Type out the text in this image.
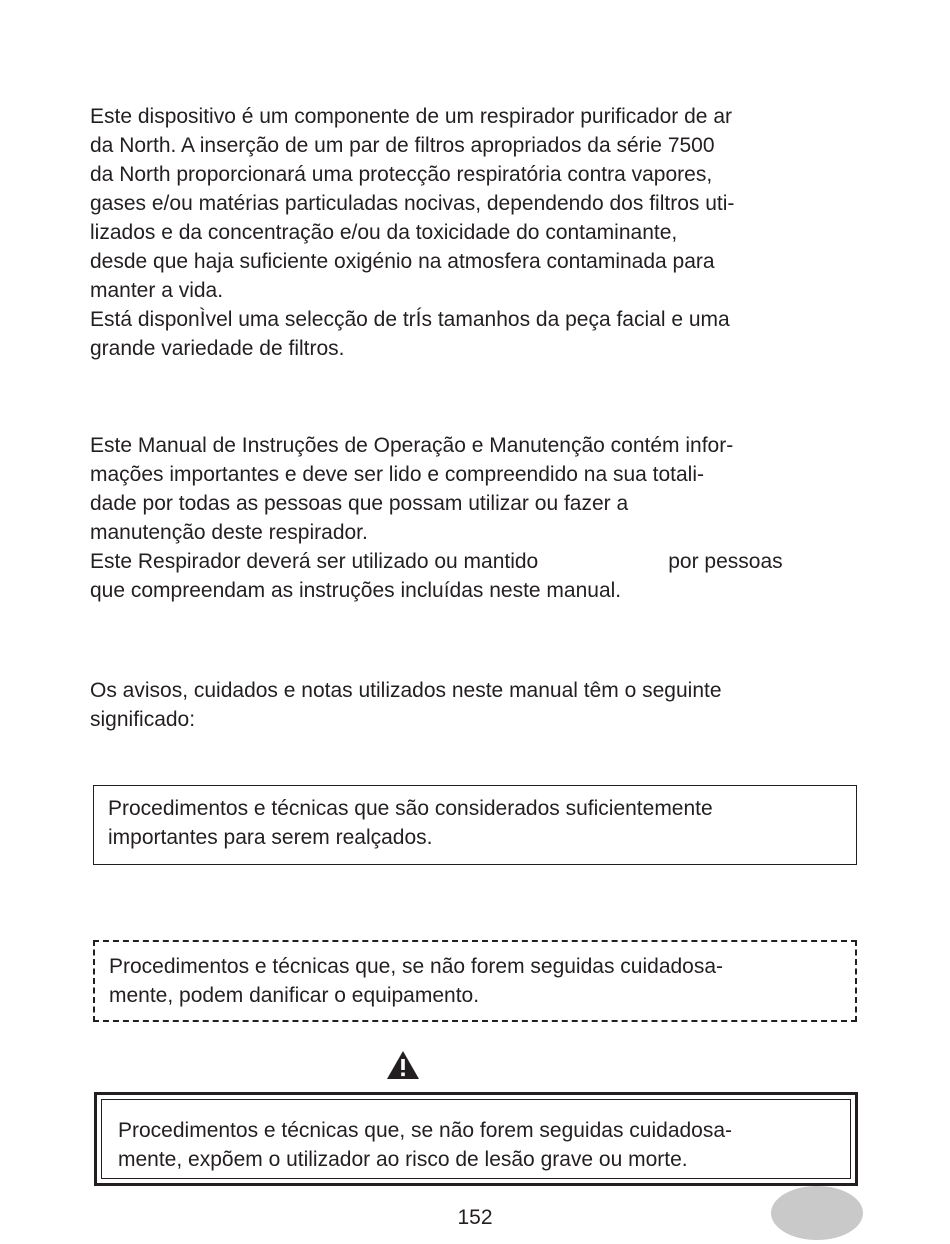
Este dispositivo é um componente de um respirador purificador de ar
da North. A inserção de um par de filtros apropriados da série 7500
da North proporcionará uma protecção respiratória contra vapores,
gases e/ou matérias particuladas nocivas, dependendo dos filtros uti-
lizados e da concentração e/ou da toxicidade do contaminante,
desde que haja suficiente oxigénio na atmosfera contaminada para
manter a vida.
Está disponÌvel uma selecção de trÍs tamanhos da peça facial e uma
grande variedade de filtros.
Este Manual de Instruções de Operação e Manutenção contém infor-
mações importantes e deve ser lido e compreendido na sua totali-
dade por todas as pessoas que possam utilizar ou fazer a
manutenção deste respirador.
Este Respirador deverá ser utilizado ou mantido	por pessoas
que compreendam as instruções incluídas neste manual.
Os avisos, cuidados e notas utilizados neste manual têm o seguinte
significado:
Procedimentos e técnicas que são considerados suficientemente
importantes para serem realçados.
Procedimentos e técnicas que, se não forem seguidas cuidadosa-
mente, podem danificar o equipamento.
Procedimentos e técnicas que, se não forem seguidas cuidadosa-
mente, expõem o utilizador ao risco de lesão grave ou morte.
152
